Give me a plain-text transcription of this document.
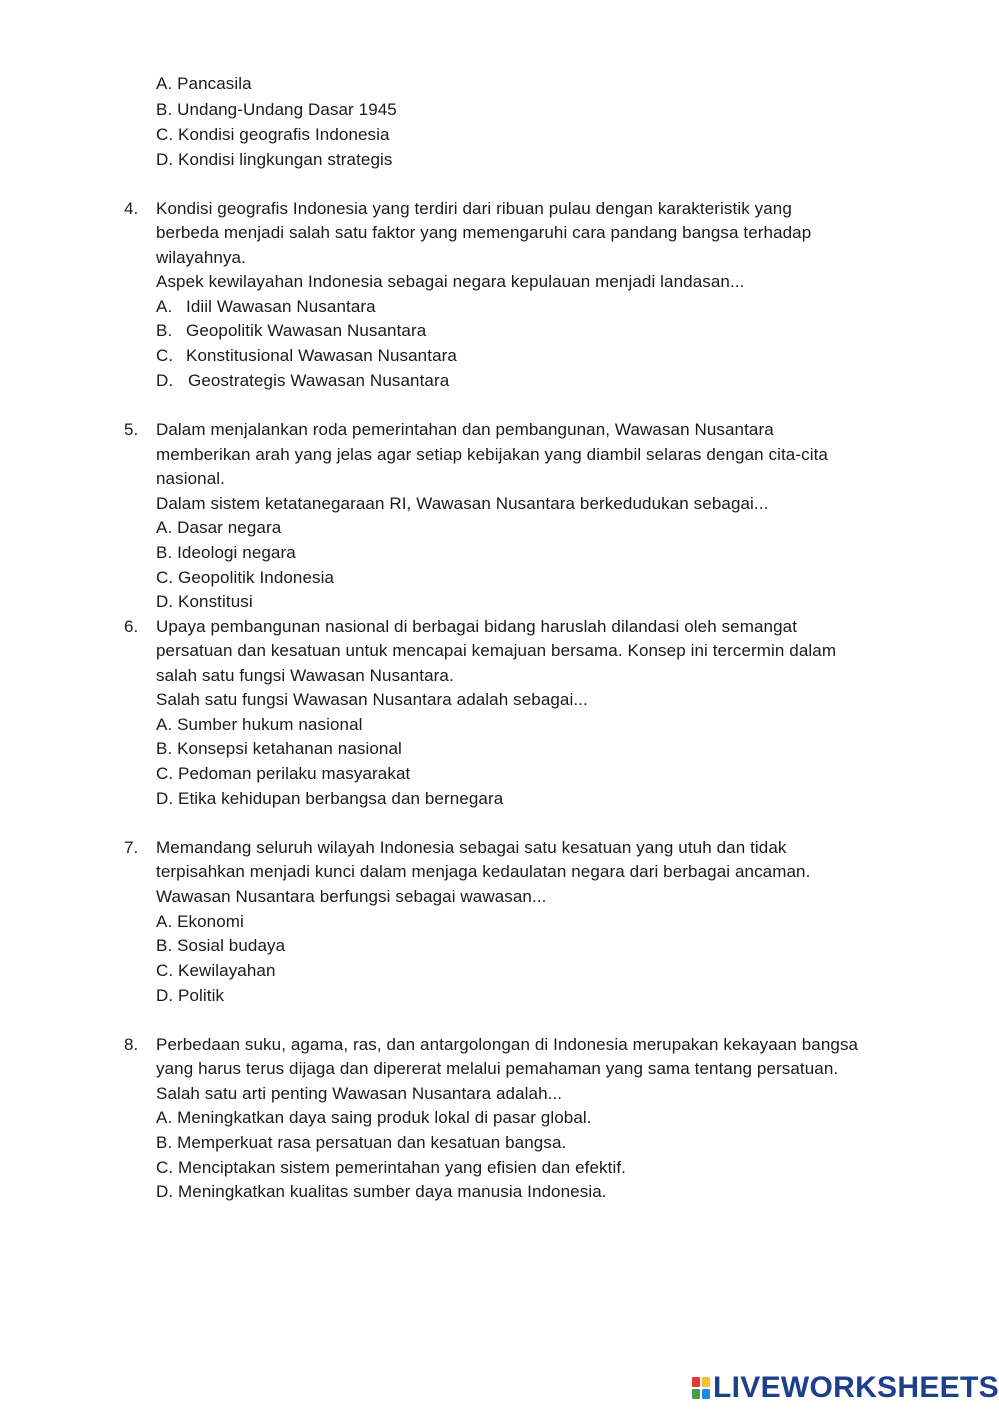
A. Pancasila
B. Undang-Undang Dasar 1945
C. Kondisi geografis Indonesia
D. Kondisi lingkungan strategis
4. Kondisi geografis Indonesia yang terdiri dari ribuan pulau dengan karakteristik yang
berbeda menjadi salah satu faktor yang memengaruhi cara pandang bangsa terhadap
wilayahnya.
Aspek kewilayahan Indonesia sebagai negara kepulauan menjadi landasan...
A. Idiil Wawasan Nusantara
B. Geopolitik Wawasan Nusantara
C. Konstitusional Wawasan Nusantara
D. Geostrategis Wawasan Nusantara
5. Dalam menjalankan roda pemerintahan dan pembangunan, Wawasan Nusantara
memberikan arah yang jelas agar setiap kebijakan yang diambil selaras dengan cita-cita
nasional.
Dalam sistem ketatanegaraan RI, Wawasan Nusantara berkedudukan sebagai...
A. Dasar negara
B. Ideologi negara
C. Geopolitik Indonesia
D. Konstitusi
6. Upaya pembangunan nasional di berbagai bidang haruslah dilandasi oleh semangat
persatuan dan kesatuan untuk mencapai kemajuan bersama. Konsep ini tercermin dalam
salah satu fungsi Wawasan Nusantara.
Salah satu fungsi Wawasan Nusantara adalah sebagai...
A. Sumber hukum nasional
B. Konsepsi ketahanan nasional
C. Pedoman perilaku masyarakat
D. Etika kehidupan berbangsa dan bernegara
7. Memandang seluruh wilayah Indonesia sebagai satu kesatuan yang utuh dan tidak
terpisahkan menjadi kunci dalam menjaga kedaulatan negara dari berbagai ancaman.
Wawasan Nusantara berfungsi sebagai wawasan...
A. Ekonomi
B. Sosial budaya
C. Kewilayahan
D. Politik
8. Perbedaan suku, agama, ras, dan antargolongan di Indonesia merupakan kekayaan bangsa
yang harus terus dijaga dan dipererat melalui pemahaman yang sama tentang persatuan.
Salah satu arti penting Wawasan Nusantara adalah...
A. Meningkatkan daya saing produk lokal di pasar global.
B. Memperkuat rasa persatuan dan kesatuan bangsa.
C. Menciptakan sistem pemerintahan yang efisien dan efektif.
D. Meningkatkan kualitas sumber daya manusia Indonesia.
LIVEWORKSHEETS
